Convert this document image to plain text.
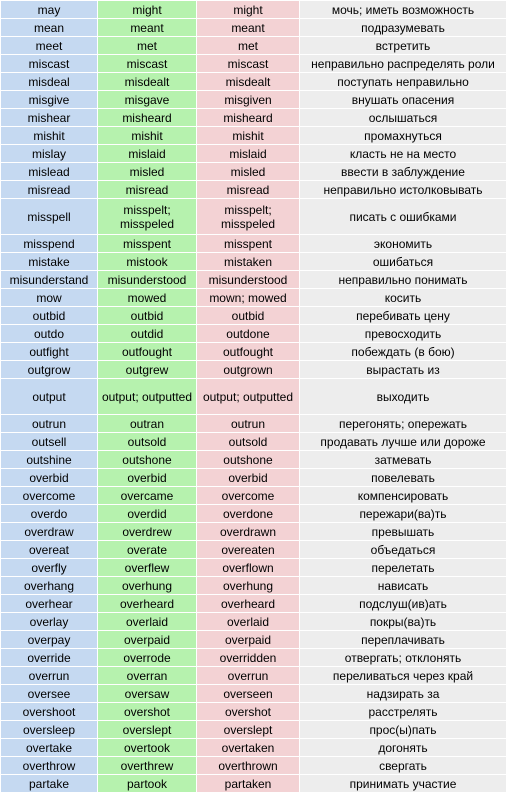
may	might	might	мочь; иметь возможность
mean	meant	meant	подразумевать
meet	met	met	встретить
miscast	miscast	miscast	неправильно распределять роли
misdeal	misdealt	misdealt	поступать неправильно
misgive	misgave	misgiven	внушать опасения
mishear	misheard	misheard	ослышаться
mishit	mishit	mishit	промахнуться
mislay	mislaid	mislaid	класть не на место
mislead	misled	misled	ввести в заблуждение
misread	misread	misread	неправильно истолковывать
misspell	misspelt; misspeled	misspelt; misspeled	писать с ошибками
misspend	misspent	misspent	экономить
mistake	mistook	mistaken	ошибаться
misunderstand	misunderstood	misunderstood	неправильно понимать
mow	mowed	mown; mowed	косить
outbid	outbid	outbid	перебивать цену
outdo	outdid	outdone	превосходить
outfight	outfought	outfought	побеждать (в бою)
outgrow	outgrew	outgrown	вырастать из
output	output; outputted	output; outputted	выходить
outrun	outran	outrun	перегонять; опережать
outsell	outsold	outsold	продавать лучше или дороже
outshine	outshone	outshone	затмевать
overbid	overbid	overbid	повелевать
overcome	overcame	overcome	компенсировать
overdo	overdid	overdone	пережари(ва)ть
overdraw	overdrew	overdrawn	превышать
overeat	overate	overeaten	объедаться
overfly	overflew	overflown	перелетать
overhang	overhung	overhung	нависать
overhear	overheard	overheard	подслуш(ив)ать
overlay	overlaid	overlaid	покры(ва)ть
overpay	overpaid	overpaid	переплачивать
override	overrode	overridden	отвергать; отклонять
overrun	overran	overrun	переливаться через край
oversee	oversaw	overseen	надзирать за
overshoot	overshot	overshot	расстрелять
oversleep	overslept	overslept	прос(ы)пать
overtake	overtook	overtaken	догонять
overthrow	overthrew	overthrown	свергать
partake	partook	partaken	принимать участие
